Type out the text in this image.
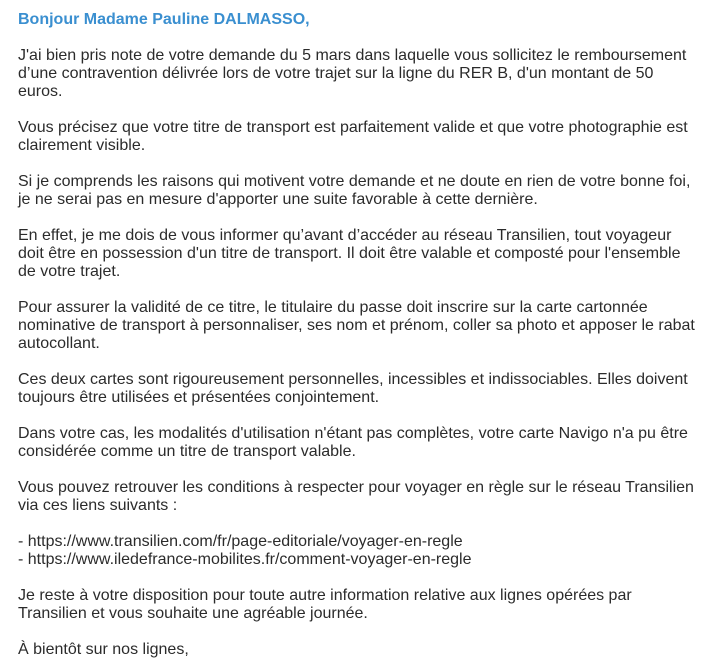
Bonjour Madame Pauline DALMASSO,

J'ai bien pris note de votre demande du 5 mars dans laquelle vous sollicitez le remboursement d’une contravention délivrée lors de votre trajet sur la ligne du RER B, d'un montant de 50 euros.

Vous précisez que votre titre de transport est parfaitement valide et que votre photographie est clairement visible.

Si je comprends les raisons qui motivent votre demande et ne doute en rien de votre bonne foi, je ne serai pas en mesure d'apporter une suite favorable à cette dernière.

En effet, je me dois de vous informer qu’avant d’accéder au réseau Transilien, tout voyageur doit être en possession d'un titre de transport. Il doit être valable et composté pour l'ensemble de votre trajet.

Pour assurer la validité de ce titre, le titulaire du passe doit inscrire sur la carte cartonnée nominative de transport à personnaliser, ses nom et prénom, coller sa photo et apposer le rabat autocollant.

Ces deux cartes sont rigoureusement personnelles, incessibles et indissociables. Elles doivent toujours être utilisées et présentées conjointement.

Dans votre cas, les modalités d'utilisation n'étant pas complètes, votre carte Navigo n'a pu être considérée comme un titre de transport valable.

Vous pouvez retrouver les conditions à respecter pour voyager en règle sur le réseau Transilien via ces liens suivants :

- https://www.transilien.com/fr/page-editoriale/voyager-en-regle
- https://www.iledefrance-mobilites.fr/comment-voyager-en-regle

Je reste à votre disposition pour toute autre information relative aux lignes opérées par Transilien et vous souhaite une agréable journée.

À bientôt sur nos lignes,
